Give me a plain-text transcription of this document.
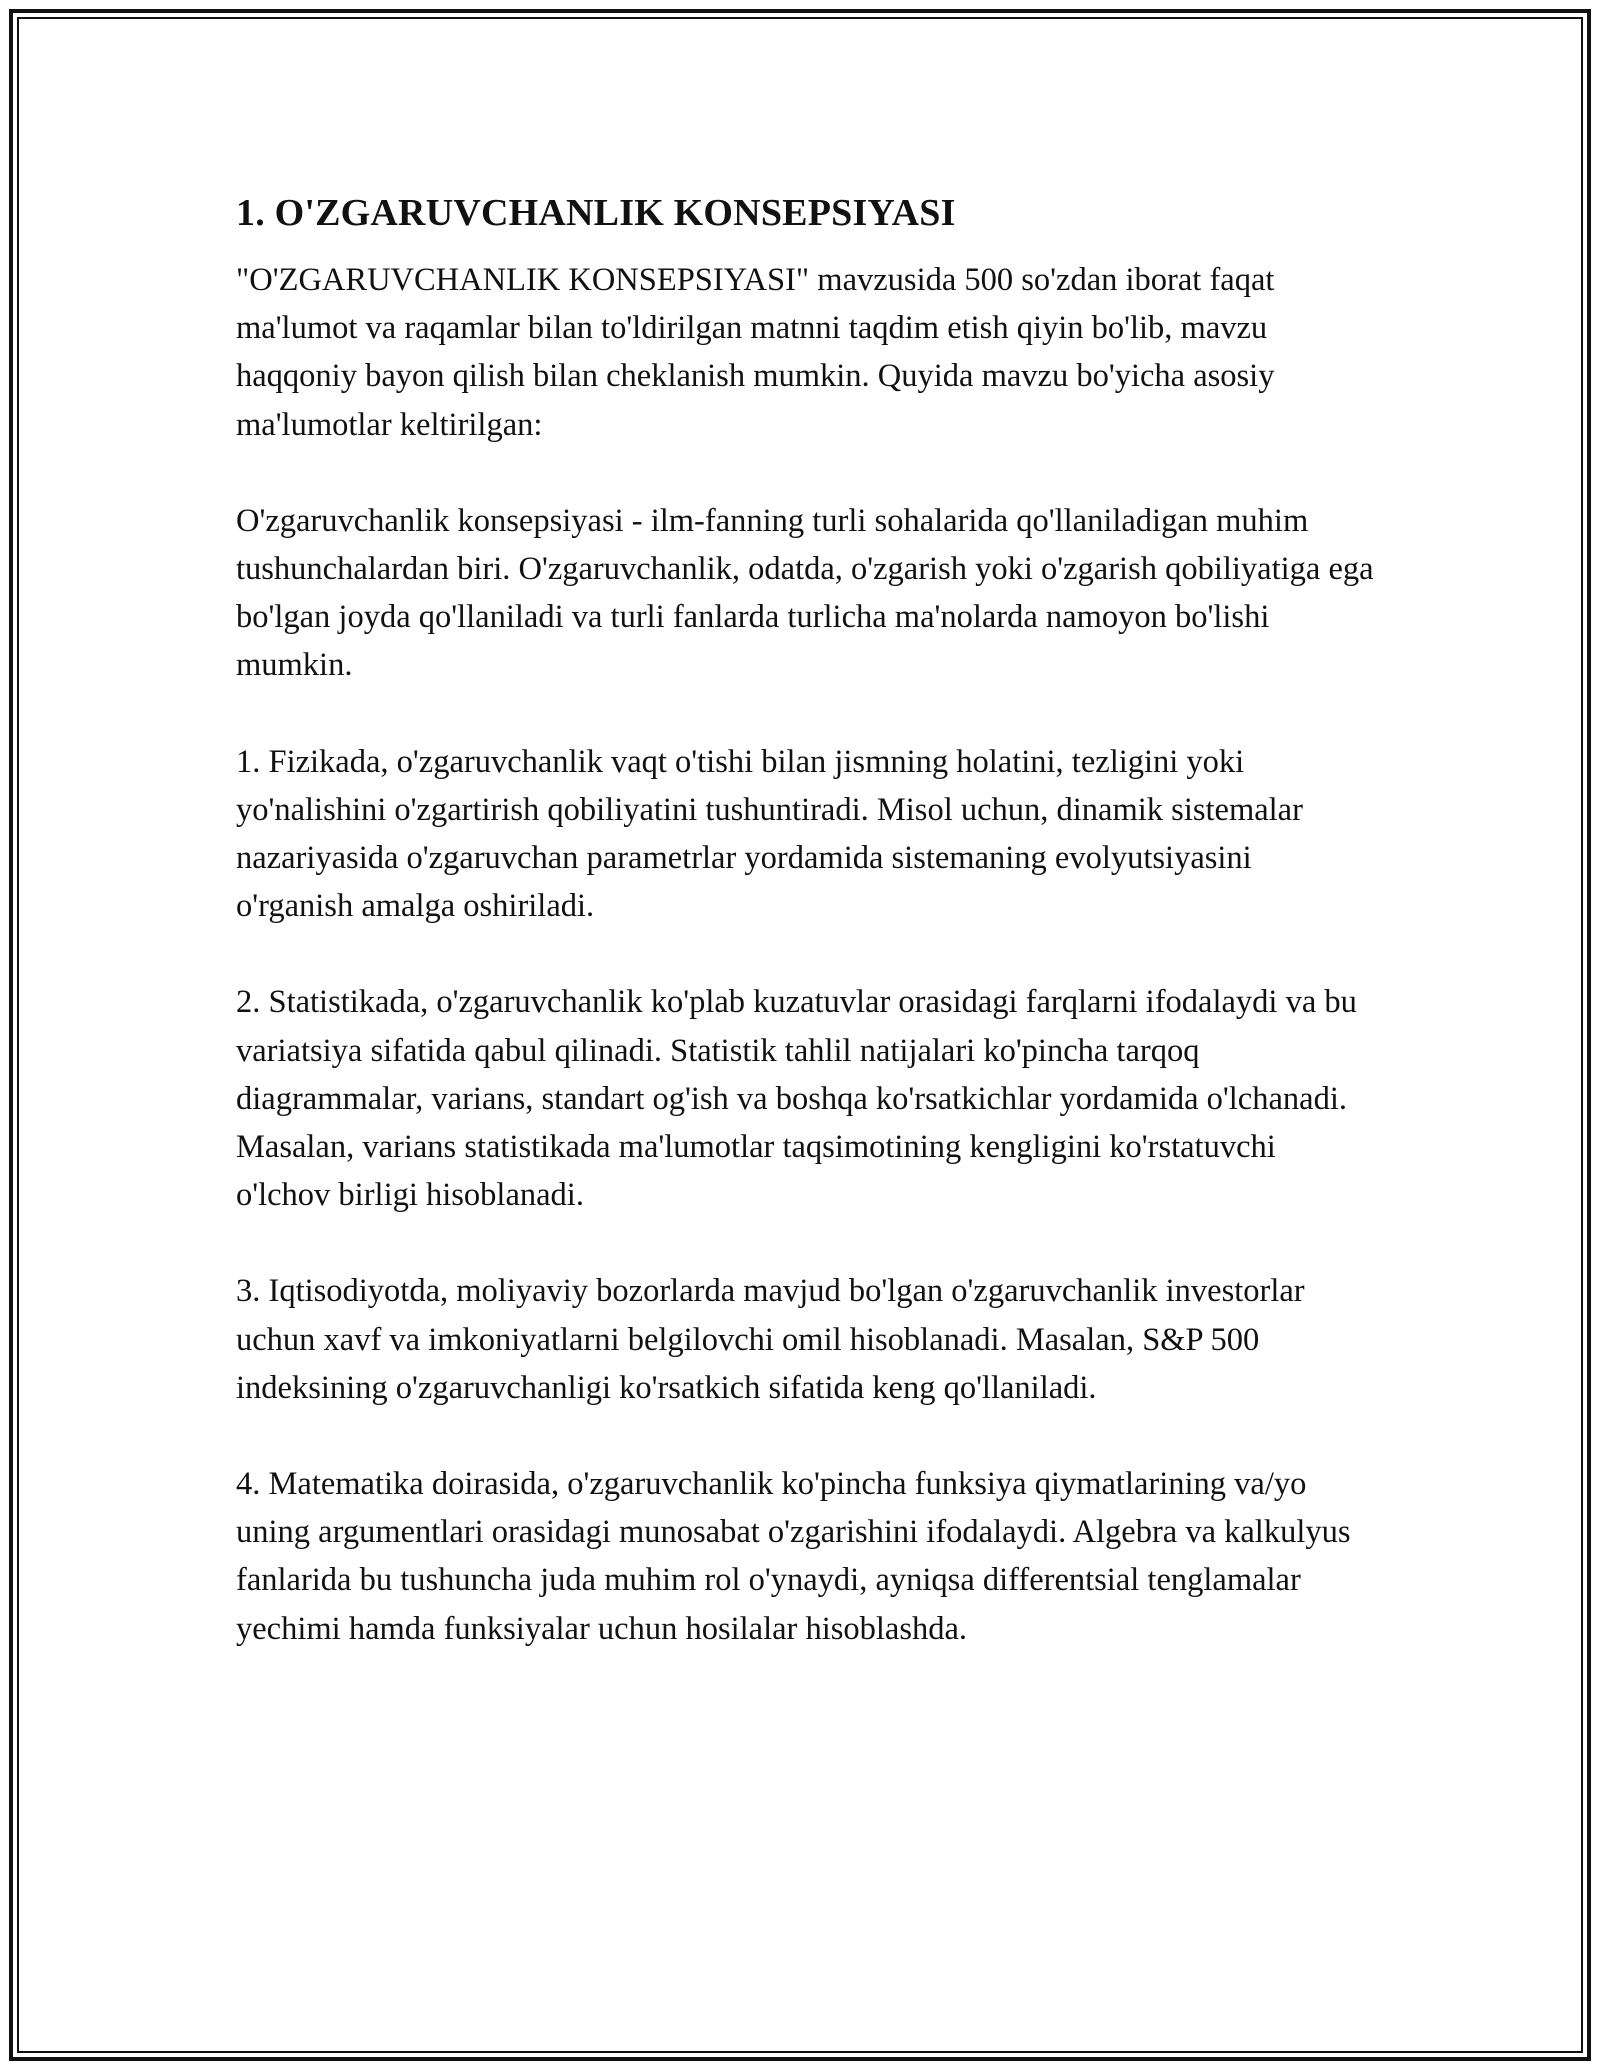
1. O'ZGARUVCHANLIK KONSEPSIYASI

"O'ZGARUVCHANLIK KONSEPSIYASI" mavzusida 500 so'zdan iborat faqat ma'lumot va raqamlar bilan to'ldirilgan matnni taqdim etish qiyin bo'lib, mavzu haqqoniy bayon qilish bilan cheklanish mumkin. Quyida mavzu bo'yicha asosiy ma'lumotlar keltirilgan:

O'zgaruvchanlik konsepsiyasi - ilm-fanning turli sohalarida qo'llaniladigan muhim tushunchalardan biri. O'zgaruvchanlik, odatda, o'zgarish yoki o'zgarish qobiliyatiga ega bo'lgan joyda qo'llaniladi va turli fanlarda turlicha ma'nolarda namoyon bo'lishi mumkin.

1. Fizikada, o'zgaruvchanlik vaqt o'tishi bilan jismning holatini, tezligini yoki yo'nalishini o'zgartirish qobiliyatini tushuntiradi. Misol uchun, dinamik sistemalar nazariyasida o'zgaruvchan parametrlar yordamida sistemaning evolyutsiyasini o'rganish amalga oshiriladi.

2. Statistikada, o'zgaruvchanlik ko'plab kuzatuvlar orasidagi farqlarni ifodalaydi va bu variatsiya sifatida qabul qilinadi. Statistik tahlil natijalari ko'pincha tarqoq diagrammalar, varians, standart og'ish va boshqa ko'rsatkichlar yordamida o'lchanadi. Masalan, varians statistikada ma'lumotlar taqsimotining kengligini ko'rstatuvchi o'lchov birligi hisoblanadi.

3. Iqtisodiyotda, moliyaviy bozorlarda mavjud bo'lgan o'zgaruvchanlik investorlar uchun xavf va imkoniyatlarni belgilovchi omil hisoblanadi. Masalan, S&P 500 indeksining o'zgaruvchanligi ko'rsatkich sifatida keng qo'llaniladi.

4. Matematika doirasida, o'zgaruvchanlik ko'pincha funksiya qiymatlarining va/yo uning argumentlari orasidagi munosabat o'zgarishini ifodalaydi. Algebra va kalkulyus fanlarida bu tushuncha juda muhim rol o'ynaydi, ayniqsa differentsial tenglamalar yechimi hamda funksiyalar uchun hosilalar hisoblashda.
